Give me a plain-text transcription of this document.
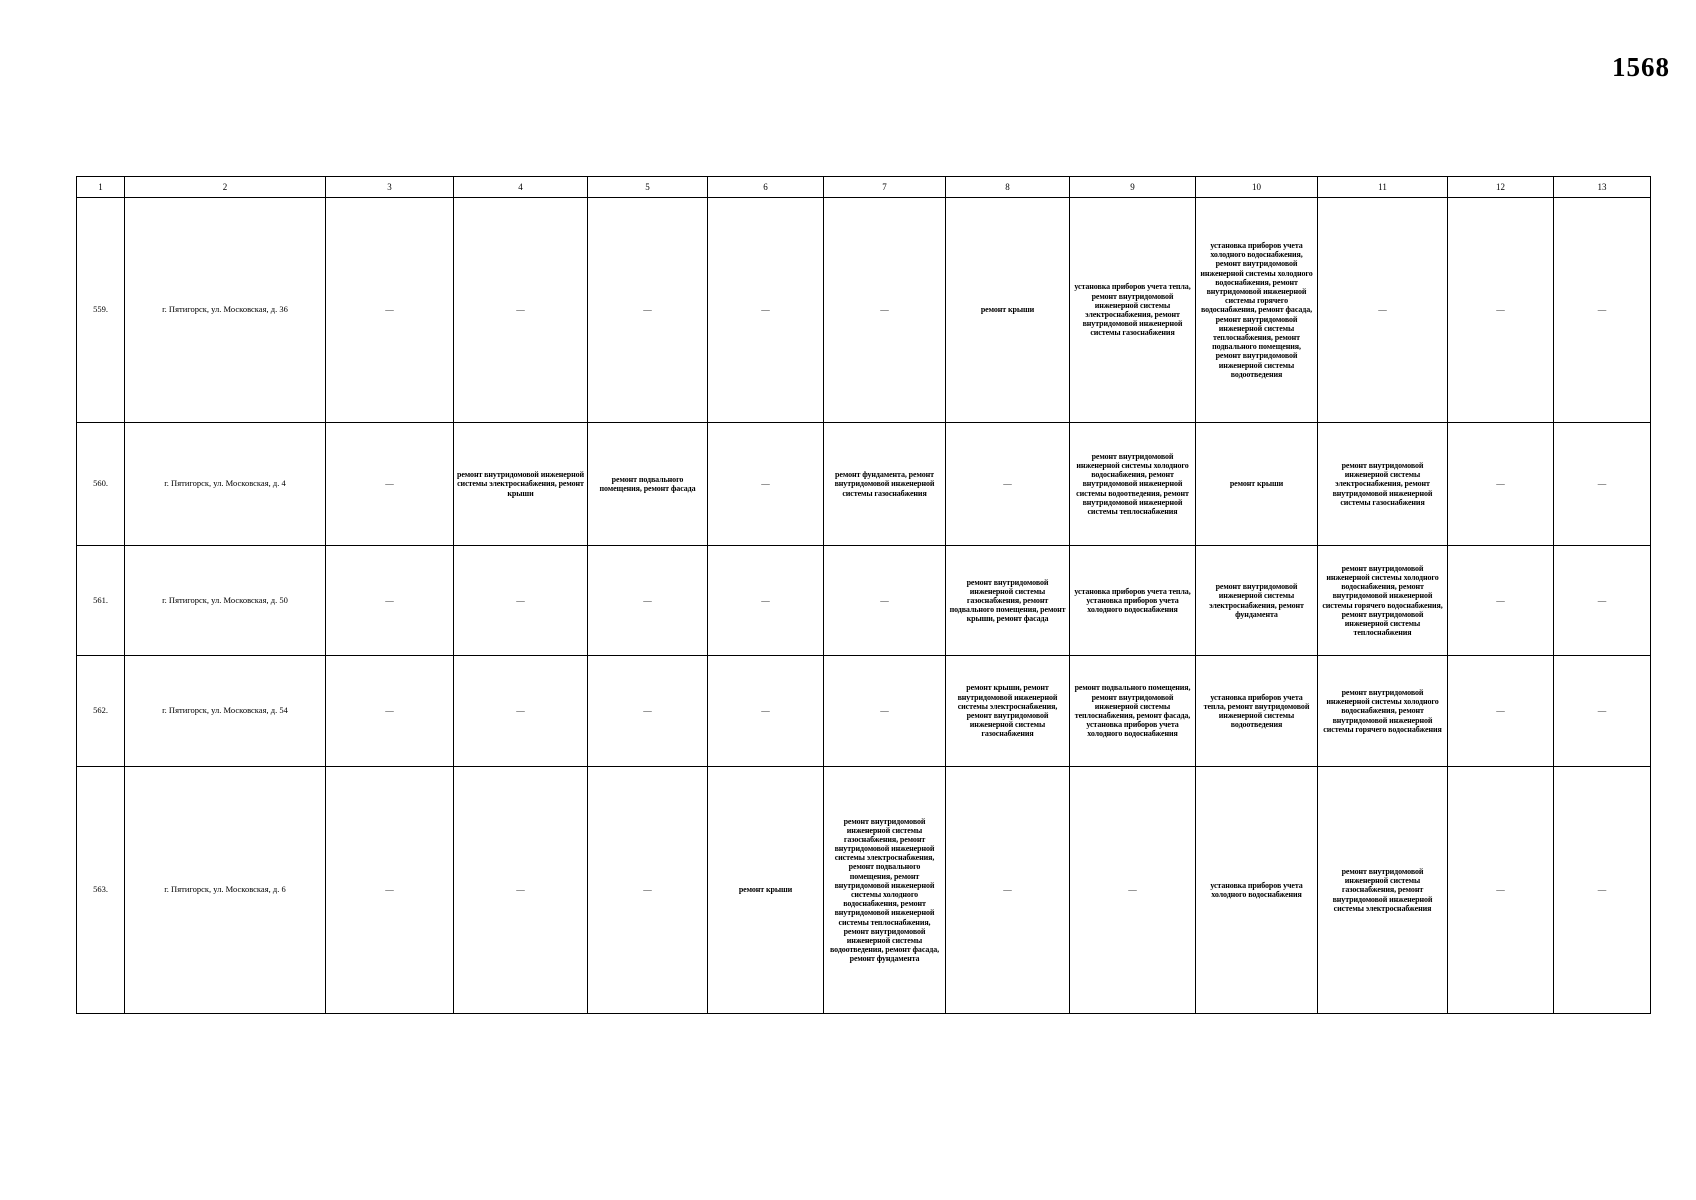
1568
1	2	3	4	5	6	7	8	9	10	11	12	13
559.	г. Пятигорск, ул. Московская, д. 36	—	—	—	—	—	ремонт крыши	установка приборов учета тепла, ремонт внутридомовой инженерной системы электроснабжения, ремонт внутридомовой инженерной системы газоснабжения	установка приборов учета холодного водоснабжения, ремонт внутридомовой инженерной системы холодного водоснабжения, ремонт внутридомовой инженерной системы горячего водоснабжения, ремонт фасада, ремонт внутридомовой инженерной системы теплоснабжения, ремонт подвального помещения, ремонт внутридомовой инженерной системы водоотведения	—	—	—
560.	г. Пятигорск, ул. Московская, д. 4	—	ремонт внутридомовой инженерной системы электроснабжения, ремонт крыши	ремонт подвального помещения, ремонт фасада	—	ремонт фундамента, ремонт внутридомовой инженерной системы газоснабжения	—	ремонт внутридомовой инженерной системы холодного водоснабжения, ремонт внутридомовой инженерной системы водоотведения, ремонт внутридомовой инженерной системы теплоснабжения	ремонт крыши	ремонт внутридомовой инженерной системы электроснабжения, ремонт внутридомовой инженерной системы газоснабжения	—	—
561.	г. Пятигорск, ул. Московская, д. 50	—	—	—	—	—	ремонт внутридомовой инженерной системы газоснабжения, ремонт подвального помещения, ремонт крыши, ремонт фасада	установка приборов учета тепла, установка приборов учета холодного водоснабжения	ремонт внутридомовой инженерной системы электроснабжения, ремонт фундамента	ремонт внутридомовой инженерной системы холодного водоснабжения, ремонт внутридомовой инженерной системы горячего водоснабжения, ремонт внутридомовой инженерной системы теплоснабжения	—	—
562.	г. Пятигорск, ул. Московская, д. 54	—	—	—	—	—	ремонт крыши, ремонт внутридомовой инженерной системы электроснабжения, ремонт внутридомовой инженерной системы газоснабжения	ремонт подвального помещения, ремонт внутридомовой инженерной системы теплоснабжения, ремонт фасада, установка приборов учета холодного водоснабжения	установка приборов учета тепла, ремонт внутридомовой инженерной системы водоотведения	ремонт внутридомовой инженерной системы холодного водоснабжения, ремонт внутридомовой инженерной системы горячего водоснабжения	—	—
563.	г. Пятигорск, ул. Московская, д. 6	—	—	—	ремонт крыши	ремонт внутридомовой инженерной системы газоснабжения, ремонт внутридомовой инженерной системы электроснабжения, ремонт подвального помещения, ремонт внутридомовой инженерной системы холодного водоснабжения, ремонт внутридомовой инженерной системы теплоснабжения, ремонт внутридомовой инженерной системы водоотведения, ремонт фасада, ремонт фундамента	—	—	установка приборов учета холодного водоснабжения	ремонт внутридомовой инженерной системы газоснабжения, ремонт внутридомовой инженерной системы электроснабжения	—	—
